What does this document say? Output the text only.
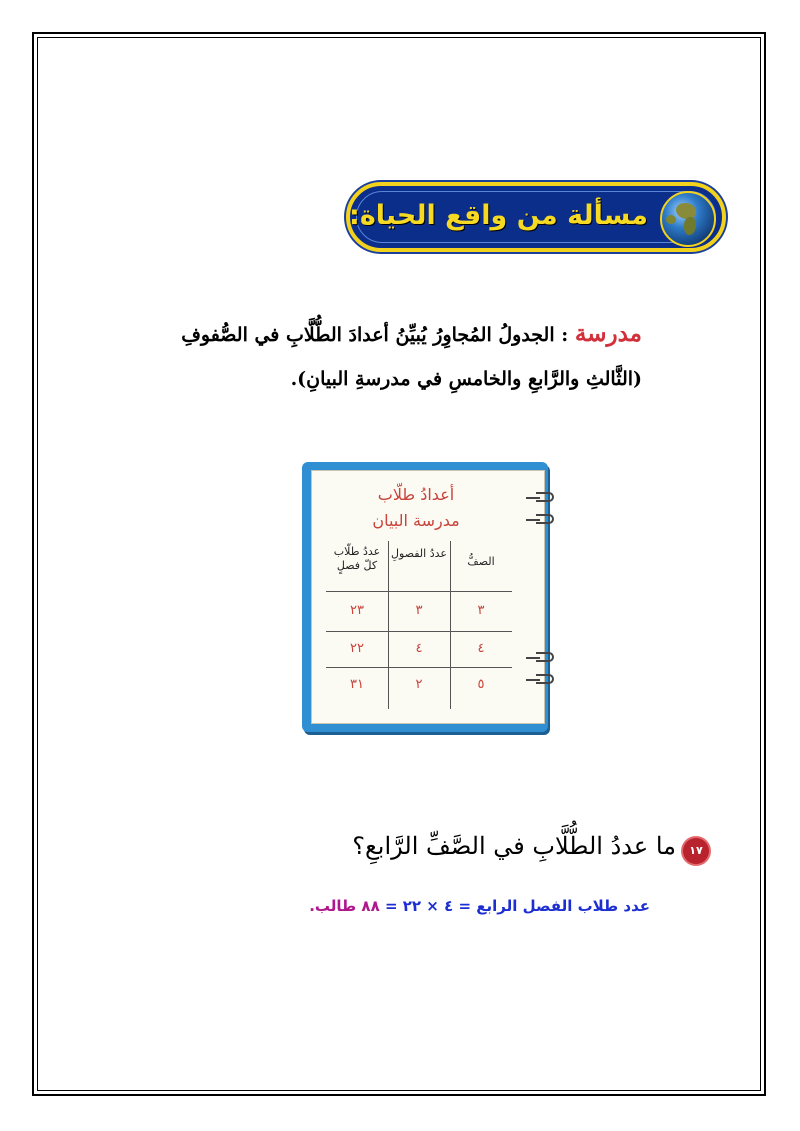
مسألة من واقع الحياة:
مدرسة : الجدولُ المُجاوِرُ يُبيِّنُ أعدادَ الطُّلَّابِ في الصُّفوفِ
(الثَّالثِ والرَّابعِ والخامسِ في مدرسةِ البيانِ).
أعدادُ طلّاب
مدرسة البيان
الصفُّ
عددُ الفصولِ
عددُ طلّاب كلّ فصلٍ
٣
٣
٢٣
٤
٤
٢٢
٥
٢
٣١
١٧
ما عددُ الطُّلَّابِ في الصَّفِّ الرَّابعِ؟
عدد طلاب الفصل الرابع = ٤ × ٢٢ = ٨٨ طالب.
